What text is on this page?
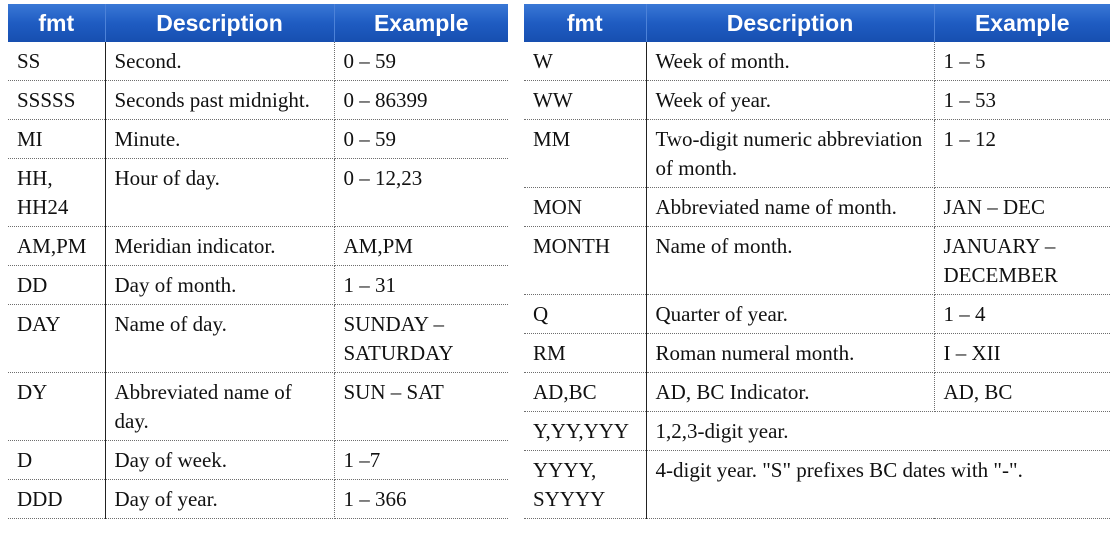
fmt	Description	Example
SS	Second.	0 – 59
SSSSS	Seconds past midnight.	0 – 86399
MI	Minute.	0 – 59
HH, HH24	Hour of day.	0 – 12,23
AM,PM	Meridian indicator.	AM,PM
DD	Day of month.	1 – 31
DAY	Name of day.	SUNDAY – SATURDAY
DY	Abbreviated name of day.	SUN – SAT
D	Day of week.	1 –7
DDD	Day of year.	1 – 366
fmt	Description	Example
W	Week of month.	1 – 5
WW	Week of year.	1 – 53
MM	Two-digit numeric abbreviation of month.	1 – 12
MON	Abbreviated name of month.	JAN – DEC
MONTH	Name of month.	JANUARY – DECEMBER
Q	Quarter of year.	1 – 4
RM	Roman numeral month.	I – XII
AD,BC	AD, BC Indicator.	AD, BC
Y,YY,YYY	1,2,3-digit year.	
YYYY, SYYYY	4-digit year. "S" prefixes BC dates with "-".	
